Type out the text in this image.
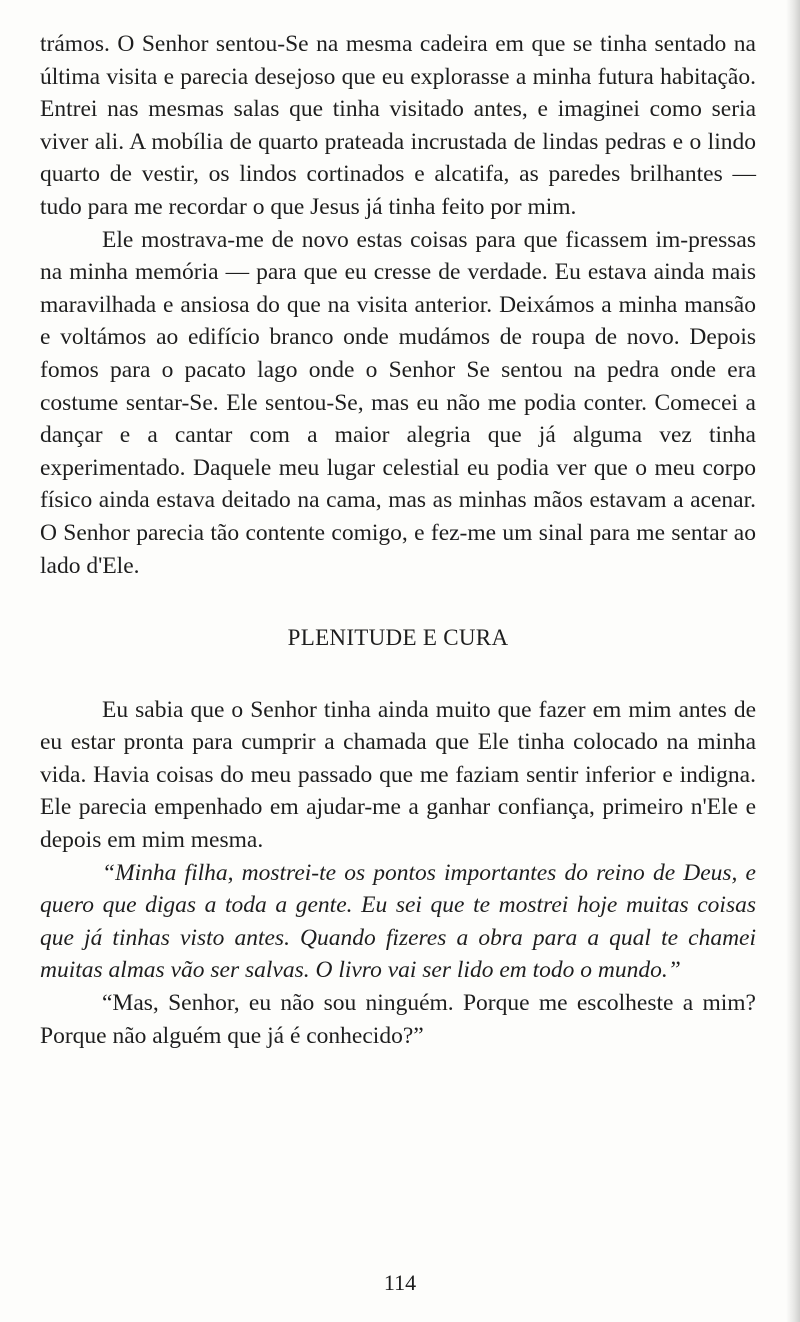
trámos. O Senhor sentou-Se na mesma cadeira em que se tinha sentado na última visita e parecia desejoso que eu explorasse a minha futura habitação. Entrei nas mesmas salas que tinha visitado antes, e imaginei como seria viver ali. A mobília de quarto prateada incrustada de lindas pedras e o lindo quarto de vestir, os lindos cortinados e alcatifa, as paredes brilhantes — tudo para me recordar o que Jesus já tinha feito por mim.

Ele mostrava-me de novo estas coisas para que ficassem im-pressas na minha memória — para que eu cresse de verdade. Eu estava ainda mais maravilhada e ansiosa do que na visita anterior. Deixámos a minha mansão e voltámos ao edifício branco onde mudámos de roupa de novo. Depois fomos para o pacato lago onde o Senhor Se sentou na pedra onde era costume sentar-Se. Ele sentou-Se, mas eu não me podia conter. Comecei a dançar e a cantar com a maior alegria que já alguma vez tinha experimentado. Daquele meu lugar celestial eu podia ver que o meu corpo físico ainda estava deitado na cama, mas as minhas mãos estavam a acenar. O Senhor parecia tão contente comigo, e fez-me um sinal para me sentar ao lado d'Ele.

PLENITUDE E CURA

Eu sabia que o Senhor tinha ainda muito que fazer em mim antes de eu estar pronta para cumprir a chamada que Ele tinha colocado na minha vida. Havia coisas do meu passado que me faziam sentir inferior e indigna. Ele parecia empenhado em ajudar-me a ganhar confiança, primeiro n'Ele e depois em mim mesma.

“Minha filha, mostrei-te os pontos importantes do reino de Deus, e quero que digas a toda a gente. Eu sei que te mostrei hoje muitas coisas que já tinhas visto antes. Quando fizeres a obra para a qual te chamei muitas almas vão ser salvas. O livro vai ser lido em todo o mundo.”

“Mas, Senhor, eu não sou ninguém. Porque me escolheste a mim? Porque não alguém que já é conhecido?”

114
